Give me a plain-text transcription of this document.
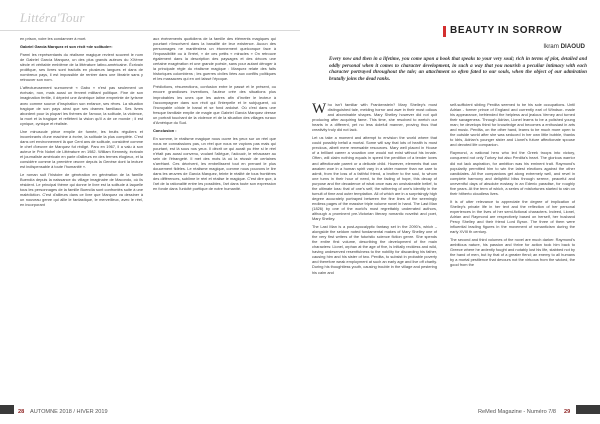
Littéra'Tour

en prison, voire les condamner à mort.

Gabriel Garcia Marquez et son récit «de solitude»:

Parmi les représentants du réalisme magique revient souvent le nom de Gabriel García Marquez, un des plus grands auteurs du XXème siècle et véritable emblème de la littérature latino-américaine. Écrivain prolifique, ses livres sont traduits en plusieurs langues et dans de nombreux pays, il est impossible de rentrer dans une librairie sans y retrouver son nom.

L'affectueusement surnommé « Gabo » n'est pas seulement un écrivain, non, mais aussi un fervent militant politique. Fine de son imagination fertile, il dépeint une Amérique latine empreinte de lyrisme avec comme source d'inspiration son enfance, ses rêves. La situation tragique de son pays ainsi que ses drames familiaux. Ses livres abordent pour la plupart les thèmes de l'amour, la solitude, la violence, la mort et la tragique et reflètent la vision qu'il a de ce monde ; il est cynique, cynique et réaliste.

Une minuscule pièce emplie de fumée, les bruits réguliers et incombrants d'une machine à écrire, la solitude la plus complète. C'est dans cet environnement là que Cent ans de solitude, considéré comme le chef d'œuvre de Marquez fut rédigé. Paru en 1967, il a valu à son auteur le Prix Nobel de Littérature en 1982. William Kennedy, écrivain et journaliste américain en parle d'ailleurs en des termes élogieux, et la considère comme la première œuvre depuis la Genèse dont la lecture est indispensable à toute l'humanité ».

Le roman suit l'histoire de génération en génération de la famille Buendía depuis la naissance du village imaginaire de Macondo, où ils résident. Le principal thème qui donne le livre est la solitude à laquelle tous les personnages de la famille Buendía sont confrontés suite à une malédiction. C'est d'ailleurs dans ce livre que Marquez va dessiner à un nouveau genre qui allie le fantastique, le merveilleux, avec le réel, en incorporant

aux événements quotidiens de la famille des éléments magiques qui pourtant n'inscrivent dans la banalité de leur existence. Aucun des personnages ne manifestera un étonnement quelconque face à l'impossibilité ou à l'irréel, « de ces petits « miracles » On retrouve également dans la description des paysages et des décors une certaine exagération et une grande poésie, sans pour autant déroger à la principale règle du réalisme magique : Marquez relate des faits historiques colombiens ; les guerres civiles liées aux conflits politiques et les massacres qui en ont laissé l'époque.

Prédictions, résurrections, confusion entre le passé et le présent, ou encore grandioses inventions, l'auteur crée des situations plus improbables les unes que les autres afin d'inviter le lecteur à l'accompagner dans son récit qui l'interpelle et le subjuguent, où l'incroyable côtoie le banal et se fond ardoisé. Où c'est dans une fresque familiale emplie de magie que Gabriel García Marquez dresse un portrait touchant de la violence et de la situation des villages ruraux d'Amérique du Sud.

Conclusion :

En somme, le réalisme magique nous ouvre les yeux sur un réel que nous ne connaissions pas, un réel que nous ne voyions pas mais qui pourtant, est là sous nos yeux. Il décrit ce qui aurait pu être si le réel n'était pas aussi convenu, voulant l'allégue, l'adoucir, le rehausser au sein de l'étrangeté. Il met des mots là où la réussir de certaines s'arrêtant. Ces décrivent, les embellissent tout en prenant le plus doucement fidèles. Le réalisme magique, comme nous pouvons le lire dans les œuvres de García Marquez, teinte le réalité de tous frontières des différences, sublime le réel et réalise le magique. C'est dire que, à l'art de la rationalité entre les possibles, l'art dans toute son expression en fonde dans l'unicité poétique de notre humanité.

28 AUTOMNE 2018 / HIVER 2019
BEAUTY IN SORROW
Ikram DIAOUD
Every now and then in a lifetime, you come upon a book that speaks to your very soul; rich in terms of plot, detailed and oddly personal when it comes to character development, in such a way that you nourish a peculiar intimacy with each character portrayed throughout the tale; an attachment so often fated to our souls, when the object of our admiration brutally joins the dead ranks.

Who isn't familiar with Frankenstein? Mary Shelley's most distinguished tale, melding horror and awe in their most odious and abominable shapes. Mary Shelley however did not quit producing after acquiring fame. This time, she resolved to wretch our hearts in a different, yet no less dolefull manner, proving thus that creativity truly did not lack.

Let us take a moment and attempt to envision the world where that could possibly befall a mortal. Some will say that lots of health is most precious, albeit mere renewable resources. Mary well placed in House of a brilliant career a vocation one would not exist without his innate. Often, will claim nothing equals in speed the perdition of a tender loves and affectionate parent or a delicate child. However, elements that can awaken woe in a human spirit vary in a wider manner than we care to admit, from the loss of a faithful friend, a brother to the soul, to whom one turns in their hour of need, to the fading of hope, this decay of purpose and the decadence of what once was an unshakeable belief, to the ultimate loss: that of one's self, the withering of one's identity in the tumult of time and outer temptation. All of which are in a surprisingly high degree accurately portrayed between the fine lines of the seemingly endless pages of the massive triple volume novel in hand. The Last Man (1826) by one of the world's most regrettably underrated authors, although a prominent pre-Victorian literary romantic novelist and poet, Mary Shelley.

The Last Man is a post-apocalyptic fantasy set in the 2090's, which – alongside the seldom noted fundamental makes of Mary Shelley one of the very first writers of the futuristic science fiction genre. She spends the entire first volume, describing the development of the main characters: Lionel, orphan at the age of five, is initially reckless and wild, having undeserved resentfulness to the nobility for discarding his father, causing him and his sister of two. Perdita, to subsist in probable poverty and therefore weak employment at such an early age and live off charity. During his thoughtless youth, causing trouble in the village and pestering his calm and

self-sufficient sibling Perdita seemed to be his sole occupations. Until Adrian - former prince of England and currently earl of Windsor- made his appearance, befriended the helpless and jealous Verney and turned their savageness. Through Adrian, Lionel learns to be a polished young man; he develops thirst for knowledge and becomes a enthusiast in arts and music. Perdita, on the other hand, learns to be much more open to the outside world after she was seduced in her own little bubble, thanks to Idris, Adrian's younger sister and Lionel's future affectionate spouse and devoted life companion.

Raymond, a national hero who led the Greek troops into victory, conquered not only Turkey but also Perdita's heart. The glorious warrior did not lack aspiration, for ambition was his eminent trait. Raymond's popularity permitted him to win the latest elections against the other candidates. All five companions get along extremely well, and revel in complete harmony and delightful bliss through serene, peaceful and uneventful days of absolute ecstasy in an Edenic paradise, for roughly five years. At the term of which, a series of misfortunes started to rain on their hitherto cloudless lives.

It is of utter relevance to appreciate the degree of implication of Shelley's private life in her text and the reflection of her personal experiences in the lives of her semi-fictional characters. Indeed, Lionel, Adrian and Raymond are respectively based on herself, her husband Percy Shelley and their friend Lord Byron. The three of them were influential leading figures in the movement of romanticism during the early XVIII th century.

The second and third volumes of the novel are much darker. Raymond's ambitious nature, his passion and thrive for action took him back to Greece where he ardently fought and notably lost his life, stabbed not by the hand of men, but by that of a greater fiend; an enemy to all humans by a mortal pestilence that devours not the virtuous from the wicked, the good from the

ReMed Magazine - Numéro 7/8 29
